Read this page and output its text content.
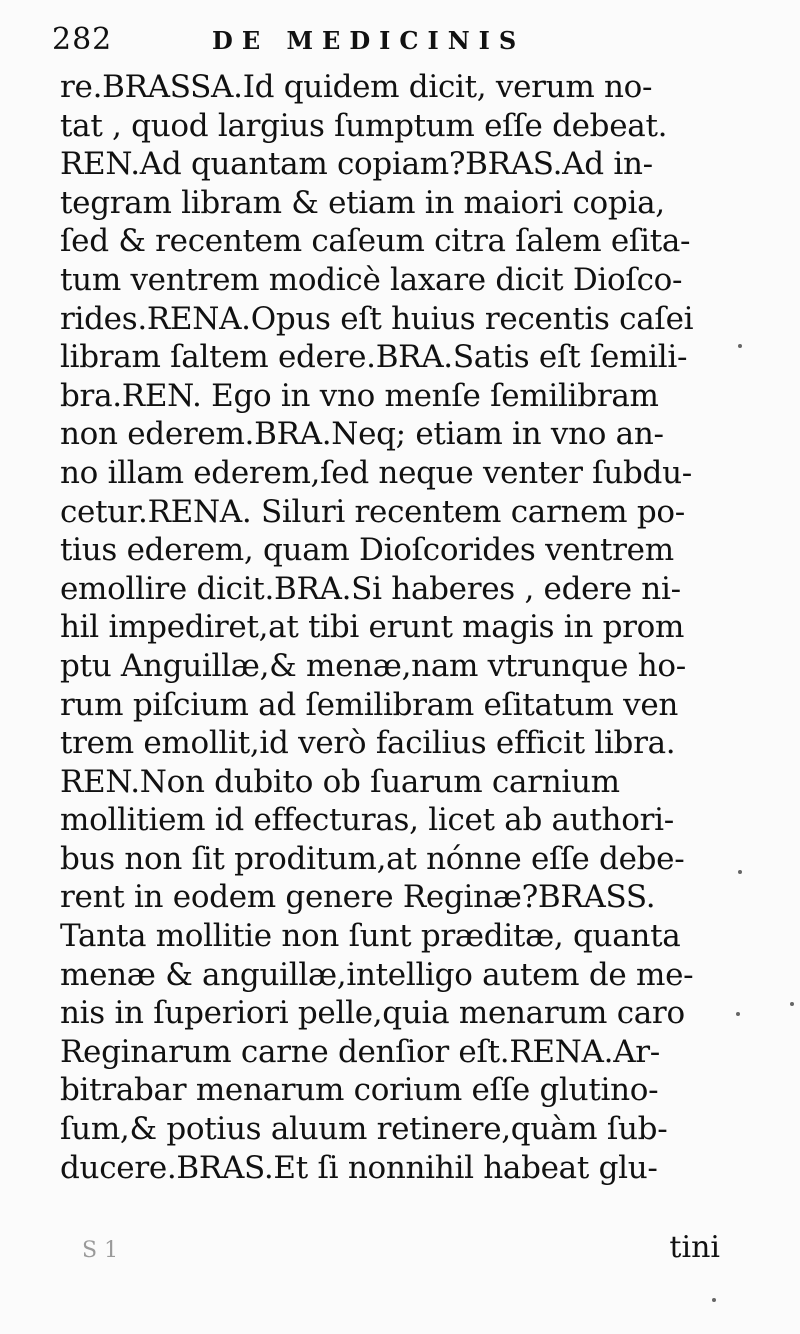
282	DE MEDICINIS
re.BRASSA.Id quidem dicit, verum no-
tat , quod largius ſumptum eſſe debeat.
REN.Ad quantam copiam?BRAS.Ad in-
tegram libram & etiam in maiori copia,
ſed & recentem caſeum citra ſalem eſita-
tum ventrem modicè laxare dicit Dioſco-
rides.RENA.Opus eſt huius recentis caſei
libram ſaltem edere.BRA.Satis eſt ſemili-
bra.REN. Ego in vno menſe ſemilibram
non ederem.BRA.Neq; etiam in vno an-
no illam ederem,ſed neque venter ſubdu-
cetur.RENA. Siluri recentem carnem po-
tius ederem, quam Dioſcorides ventrem
emollire dicit.BRA.Si haberes , edere ni-
hil impediret,at tibi erunt magis in prom
ptu Anguillæ,& menæ,nam vtrunque ho-
rum piſcium ad ſemilibram eſitatum ven
trem emollit,id verò facilius efficit libra.
REN.Non dubito ob ſuarum carnium
mollitiem id effecturas, licet ab authori-
bus non ſit proditum,at nónne eſſe debe-
rent in eodem genere Reginæ?BRASS.
Tanta mollitie non ſunt præditæ, quanta
menæ & anguillæ,intelligo autem de me-
nis in ſuperiori pelle,quia menarum caro
Reginarum carne denſior eſt.RENA.Ar-
bitrabar menarum corium eſſe glutino-
ſum,& potius aluum retinere,quàm ſub-
ducere.BRAS.Et ſi nonnihil habeat glu-
S 1	tini
